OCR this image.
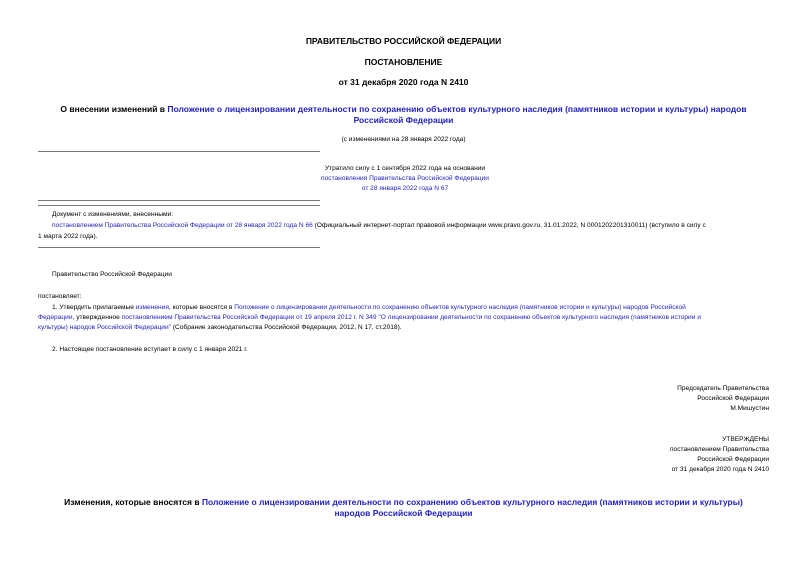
ПРАВИТЕЛЬСТВО РОССИЙСКОЙ ФЕДЕРАЦИИ
ПОСТАНОВЛЕНИЕ
от 31 декабря 2020 года N 2410
О внесении изменений в Положение о лицензировании деятельности по сохранению объектов культурного наследия (памятников истории и культуры) народов
Российской Федерации
(с изменениями на 28 января 2022 года)
Утратило силу с 1 сентября 2022 года на основании
постановления Правительства Российской Федерации
от 28 января 2022 года N 67
Документ с изменениями, внесенными:
постановлением Правительства Российской Федерации от 28 января 2022 года N 66 (Официальный интернет-портал правовой информации www.pravo.gov.ru, 31.01.2022, N 0001202201310011) (вступило в силу с
1 марта 2022 года).
Правительство Российской Федерации
постановляет:
1. Утвердить прилагаемые изменения, которые вносятся в Положение о лицензировании деятельности по сохранению объектов культурного наследия (памятников истории и культуры) народов Российской
Федерации, утвержденное постановлением Правительства Российской Федерации от 19 апреля 2012 г. N 349 "О лицензировании деятельности по сохранению объектов культурного наследия (памятников истории и
культуры) народов Российской Федерации" (Собрание законодательства Российской Федерации, 2012, N 17, ст.2018).
2. Настоящее постановление вступает в силу с 1 января 2021 г.
Председатель Правительства
Российской Федерации
М.Мишустин
УТВЕРЖДЕНЫ
постановлением Правительства
Российской Федерации
от 31 декабря 2020 года N 2410
Изменения, которые вносятся в Положение о лицензировании деятельности по сохранению объектов культурного наследия (памятников истории и культуры)
народов Российской Федерации
